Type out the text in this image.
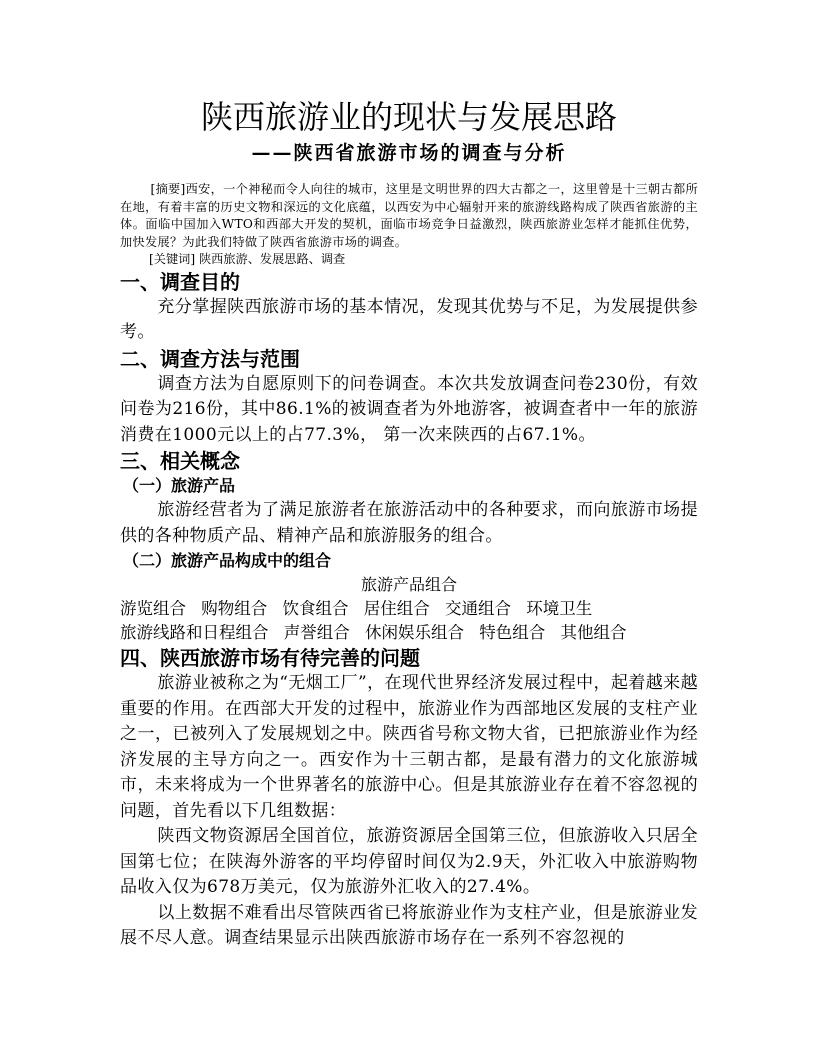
陕西旅游业的现状与发展思路
——陕西省旅游市场的调查与分析

[摘要]西安，一个神秘而令人向往的城市，这里是文明世界的四大古都之一，这里曾是十三朝古都所在地，有着丰富的历史文物和深远的文化底蕴，以西安为中心辐射开来的旅游线路构成了陕西省旅游的主体。面临中国加入WTO和西部大开发的契机，面临市场竞争日益激烈，陕西旅游业怎样才能抓住优势，加快发展？为此我们特做了陕西省旅游市场的调查。

[关键词] 陕西旅游、发展思路、调查
一、调查目的

充分掌握陕西旅游市场的基本情况，发现其优势与不足，为发展提供参考。

二、调查方法与范围

调查方法为自愿原则下的问卷调查。本次共发放调查问卷230份，有效问卷为216份，其中86.1%的被调查者为外地游客，被调查者中一年的旅游消费在1000元以上的占77.3%， 第一次来陕西的占67.1%。

三、相关概念
（一）旅游产品

旅游经营者为了满足旅游者在旅游活动中的各种要求，而向旅游市场提供的各种物质产品、精神产品和旅游服务的组合。

（二）旅游产品构成中的组合
旅游产品组合
游览组合 购物组合 饮食组合 居住组合 交通组合 环境卫生
旅游线路和日程组合 声誉组合 休闲娱乐组合 特色组合 其他组合
四、陕西旅游市场有待完善的问题

旅游业被称之为“无烟工厂”，在现代世界经济发展过程中，起着越来越重要的作用。在西部大开发的过程中，旅游业作为西部地区发展的支柱产业之一，已被列入了发展规划之中。陕西省号称文物大省，已把旅游业作为经济发展的主导方向之一。西安作为十三朝古都，是最有潜力的文化旅游城市，未来将成为一个世界著名的旅游中心。但是其旅游业存在着不容忽视的问题，首先看以下几组数据：

陕西文物资源居全国首位，旅游资源居全国第三位，但旅游收入只居全国第七位；在陕海外游客的平均停留时间仅为2.9天，外汇收入中旅游购物品收入仅为678万美元，仅为旅游外汇收入的27.4%。

以上数据不难看出尽管陕西省已将旅游业作为支柱产业，但是旅游业发展不尽人意。调查结果显示出陕西旅游市场存在一系列不容忽视的
